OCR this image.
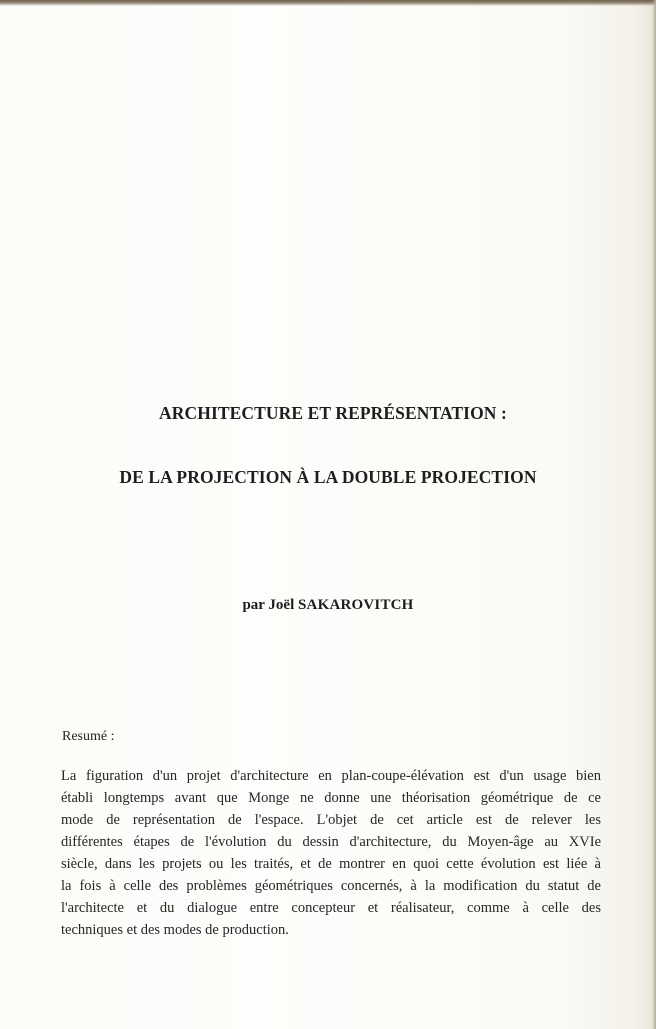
ARCHITECTURE ET REPRÉSENTATION :
DE LA PROJECTION À LA DOUBLE PROJECTION
par Joël SAKAROVITCH
Resumé :
La figuration d'un projet d'architecture en plan-coupe-élévation est d'un usage bien
établi longtemps avant que Monge ne donne une théorisation géométrique de ce
mode de représentation de l'espace. L'objet de cet article est de relever les
différentes étapes de l'évolution du dessin d'architecture, du Moyen-âge au XVIe
siècle, dans les projets ou les traités, et de montrer en quoi cette évolution est liée à
la fois à celle des problèmes géométriques concernés, à la modification du statut de
l'architecte et du dialogue entre concepteur et réalisateur, comme à celle des
techniques et des modes de production.
